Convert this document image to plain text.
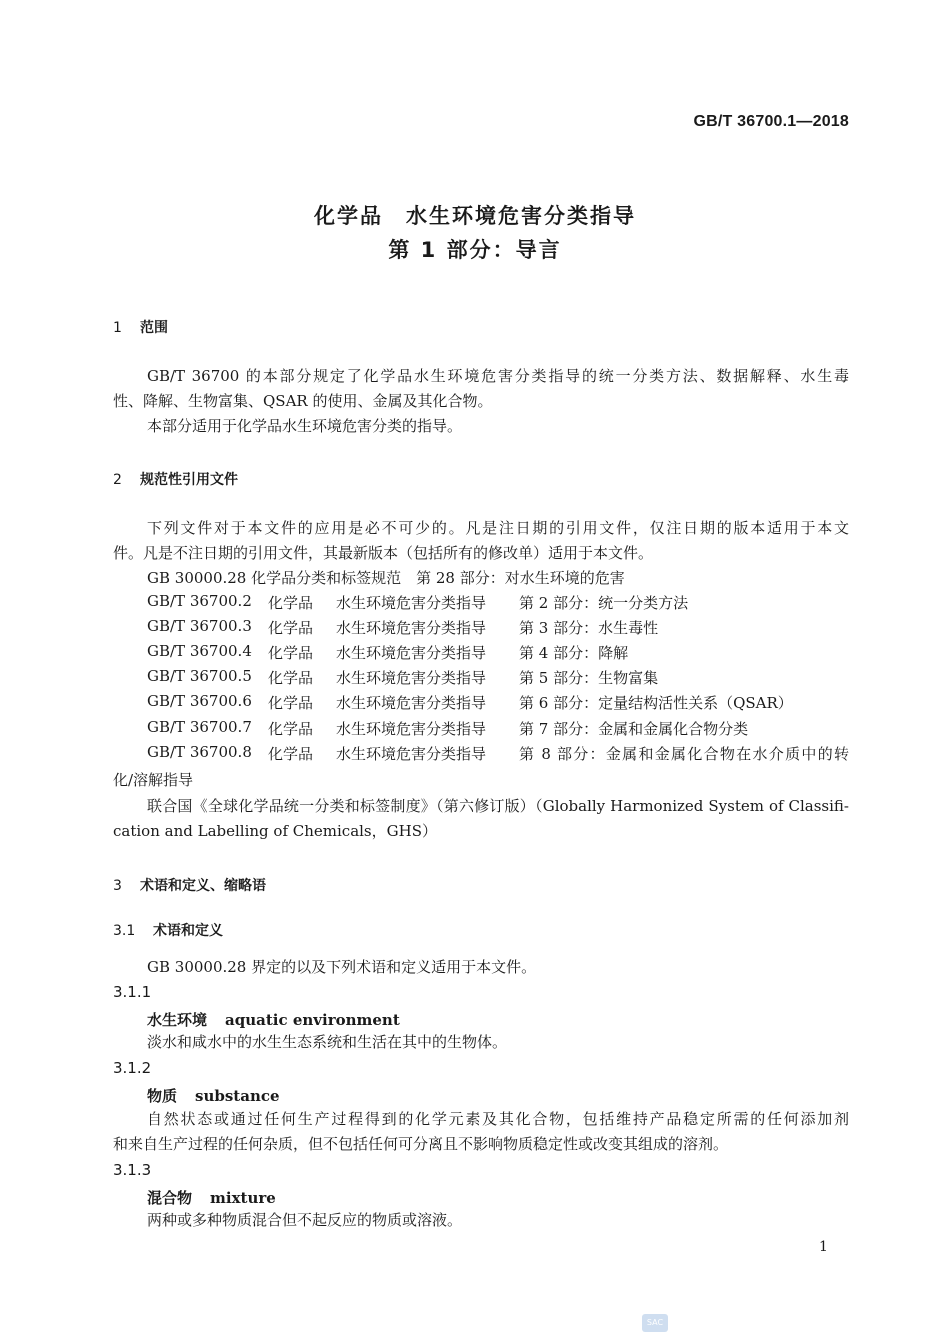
GB/T 36700.1—2018
化学品　水生环境危害分类指导
第 1 部分：导言
1 范围
GB/T 36700 的本部分规定了化学品水生环境危害分类指导的统一分类方法、数据解释、水生毒
性、降解、生物富集、QSAR 的使用、金属及其化合物。
本部分适用于化学品水生环境危害分类的指导。
2 规范性引用文件
下列文件对于本文件的应用是必不可少的。凡是注日期的引用文件，仅注日期的版本适用于本文
件。凡是不注日期的引用文件，其最新版本（包括所有的修改单）适用于本文件。
GB 30000.28 化学品分类和标签规范　第 28 部分：对水生环境的危害
GB/T 36700.2 化学品 水生环境危害分类指导 第 2 部分：统一分类方法
GB/T 36700.3 化学品 水生环境危害分类指导 第 3 部分：水生毒性
GB/T 36700.4 化学品 水生环境危害分类指导 第 4 部分：降解
GB/T 36700.5 化学品 水生环境危害分类指导 第 5 部分：生物富集
GB/T 36700.6 化学品 水生环境危害分类指导 第 6 部分：定量结构活性关系（QSAR）
GB/T 36700.7 化学品 水生环境危害分类指导 第 7 部分：金属和金属化合物分类
GB/T 36700.8 化学品 水生环境危害分类指导 第 8 部分：金属和金属化合物在水介质中的转
化/溶解指导
联合国《全球化学品统一分类和标签制度》（第六修订版）（Globally Harmonized System of Classifi-
cation and Labelling of Chemicals，GHS）
3 术语和定义、缩略语
3.1 术语和定义
GB 30000.28 界定的以及下列术语和定义适用于本文件。
3.1.1
水生环境 aquatic environment
淡水和咸水中的水生生态系统和生活在其中的生物体。
3.1.2
物质 substance
自然状态或通过任何生产过程得到的化学元素及其化合物，包括维持产品稳定所需的任何添加剂
和来自生产过程的任何杂质，但不包括任何可分离且不影响物质稳定性或改变其组成的溶剂。
3.1.3
混合物 mixture
两种或多种物质混合但不起反应的物质或溶液。
1
SAC
